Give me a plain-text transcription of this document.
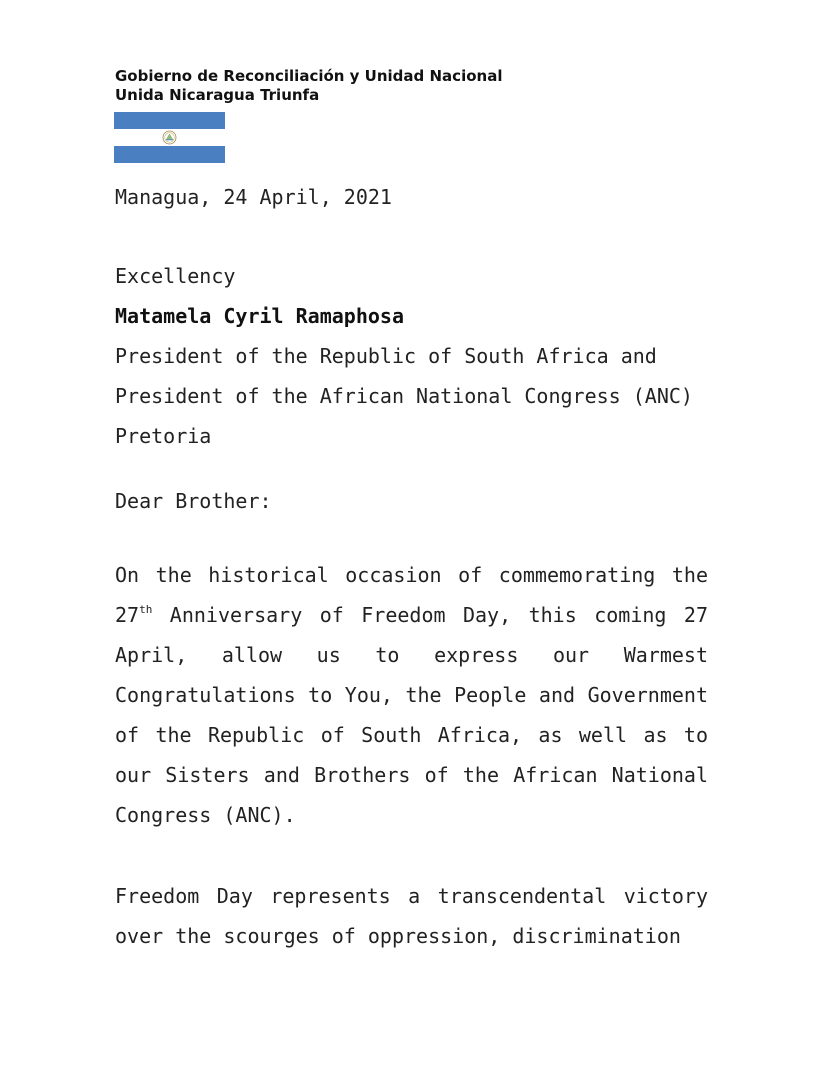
Gobierno de Reconciliación y Unidad Nacional
Unida Nicaragua Triunfa
Managua, 24 April, 2021
Excellency
Matamela Cyril Ramaphosa
President of the Republic of South Africa and
President of the African National Congress (ANC)
Pretoria
Dear Brother:
On the historical occasion of commemorating the 27th Anniversary of Freedom Day, this coming 27 April, allow us to express our Warmest Congratulations to You, the People and Government of the Republic of South Africa, as well as to our Sisters and Brothers of the African National Congress (ANC).
Freedom Day represents a transcendental victory over the scourges of oppression, discrimination
